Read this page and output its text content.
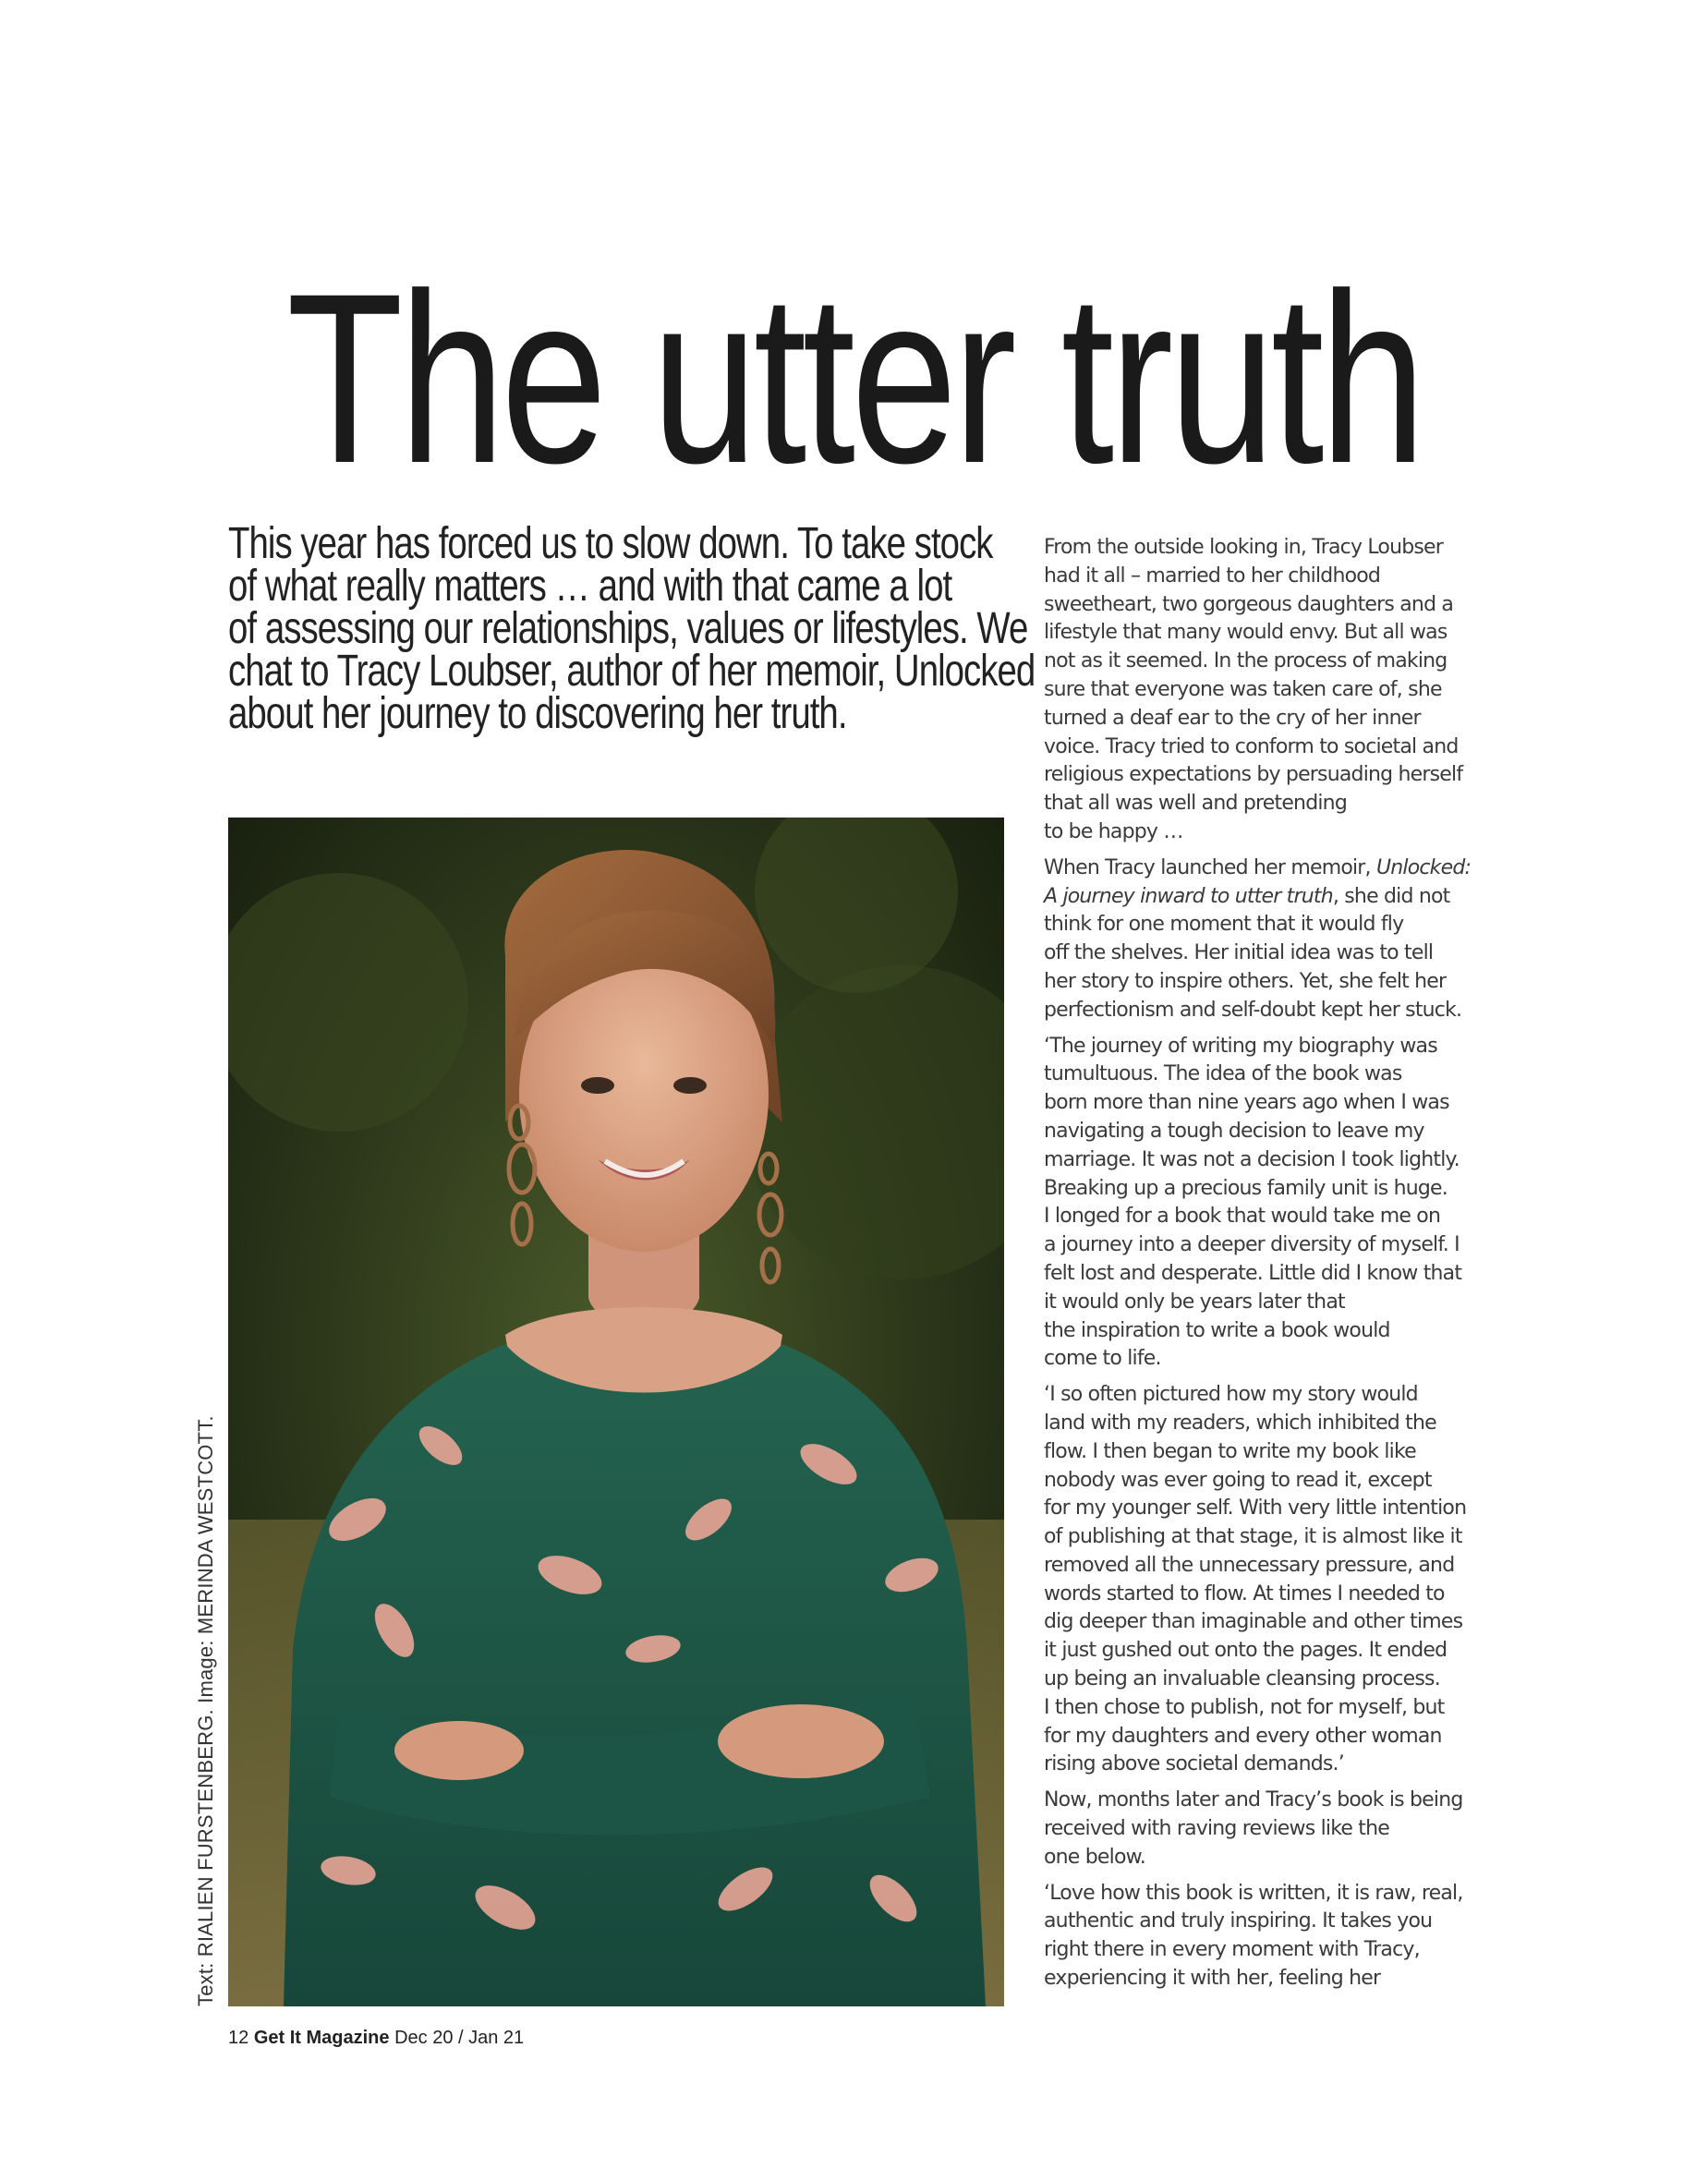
The utter truth
This year has forced us to slow down. To take stock
of what really matters … and with that came a lot
of assessing our relationships, values or lifestyles. We
chat to Tracy Loubser, author of her memoir, Unlocked
about her journey to discovering her truth.
Text: RIALIEN FURSTENBERG. Image: MERINDA WESTCOTT.

From the outside looking in, Tracy Loubser
had it all – married to her childhood
sweetheart, two gorgeous daughters and a
lifestyle that many would envy. But all was
not as it seemed. In the process of making
sure that everyone was taken care of, she
turned a deaf ear to the cry of her inner
voice. Tracy tried to conform to societal and
religious expectations by persuading herself
that all was well and pretending
to be happy …

When Tracy launched her memoir, Unlocked:
A journey inward to utter truth, she did not
think for one moment that it would fly
off the shelves. Her initial idea was to tell
her story to inspire others. Yet, she felt her
perfectionism and self-doubt kept her stuck.

‘The journey of writing my biography was
tumultuous. The idea of the book was
born more than nine years ago when I was
navigating a tough decision to leave my
marriage. It was not a decision I took lightly.
Breaking up a precious family unit is huge.
I longed for a book that would take me on
a journey into a deeper diversity of myself. I
felt lost and desperate. Little did I know that
it would only be years later that
the inspiration to write a book would
come to life.

‘I so often pictured how my story would
land with my readers, which inhibited the
flow. I then began to write my book like
nobody was ever going to read it, except
for my younger self. With very little intention
of publishing at that stage, it is almost like it
removed all the unnecessary pressure, and
words started to flow. At times I needed to
dig deeper than imaginable and other times
it just gushed out onto the pages. It ended
up being an invaluable cleansing process.
I then chose to publish, not for myself, but
for my daughters and every other woman
rising above societal demands.’

Now, months later and Tracy’s book is being
received with raving reviews like the
one below.

‘Love how this book is written, it is raw, real,
authentic and truly inspiring. It takes you
right there in every moment with Tracy,
experiencing it with her, feeling her

12 Get It Magazine Dec 20 / Jan 21
